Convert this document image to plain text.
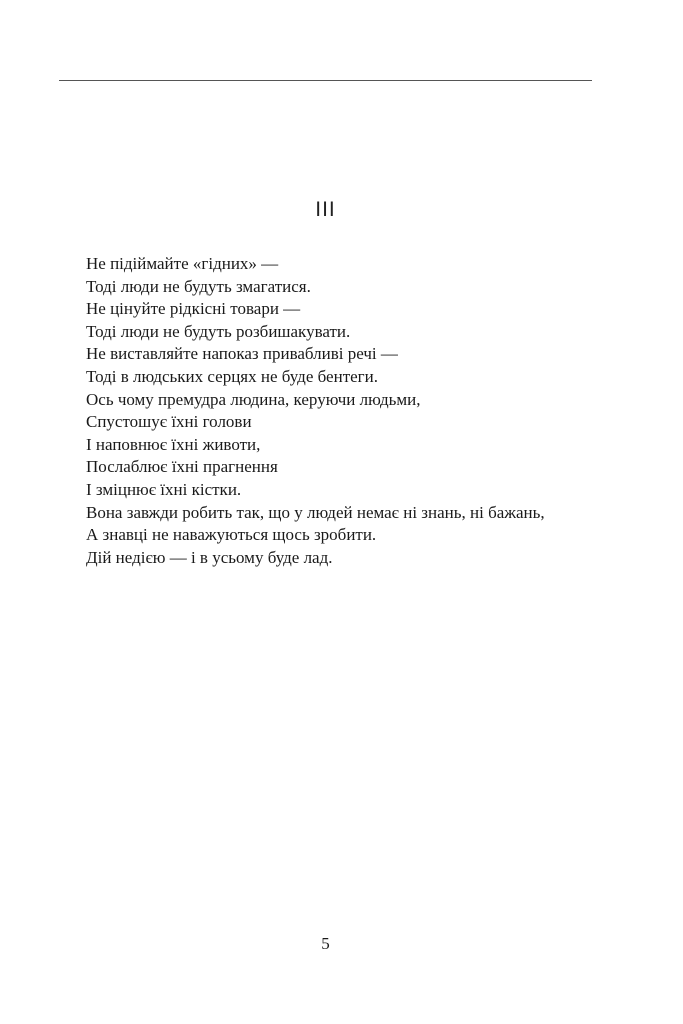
III
Не підіймайте «гідних» —
Тоді люди не будуть змагатися.
Не цінуйте рідкісні товари —
Тоді люди не будуть розбишакувати.
Не виставляйте напоказ привабливі речі —
Тоді в людських серцях не буде бентеги.
Ось чому премудра людина, керуючи людьми,
Спустошує їхні голови
І наповнює їхні животи,
Послаблює їхні прагнення
І зміцнює їхні кістки.
Вона завжди робить так, що у людей немає ні знань, ні бажань,
А знавці не наважуються щось зробити.
Дій недією — і в усьому буде лад.
5
